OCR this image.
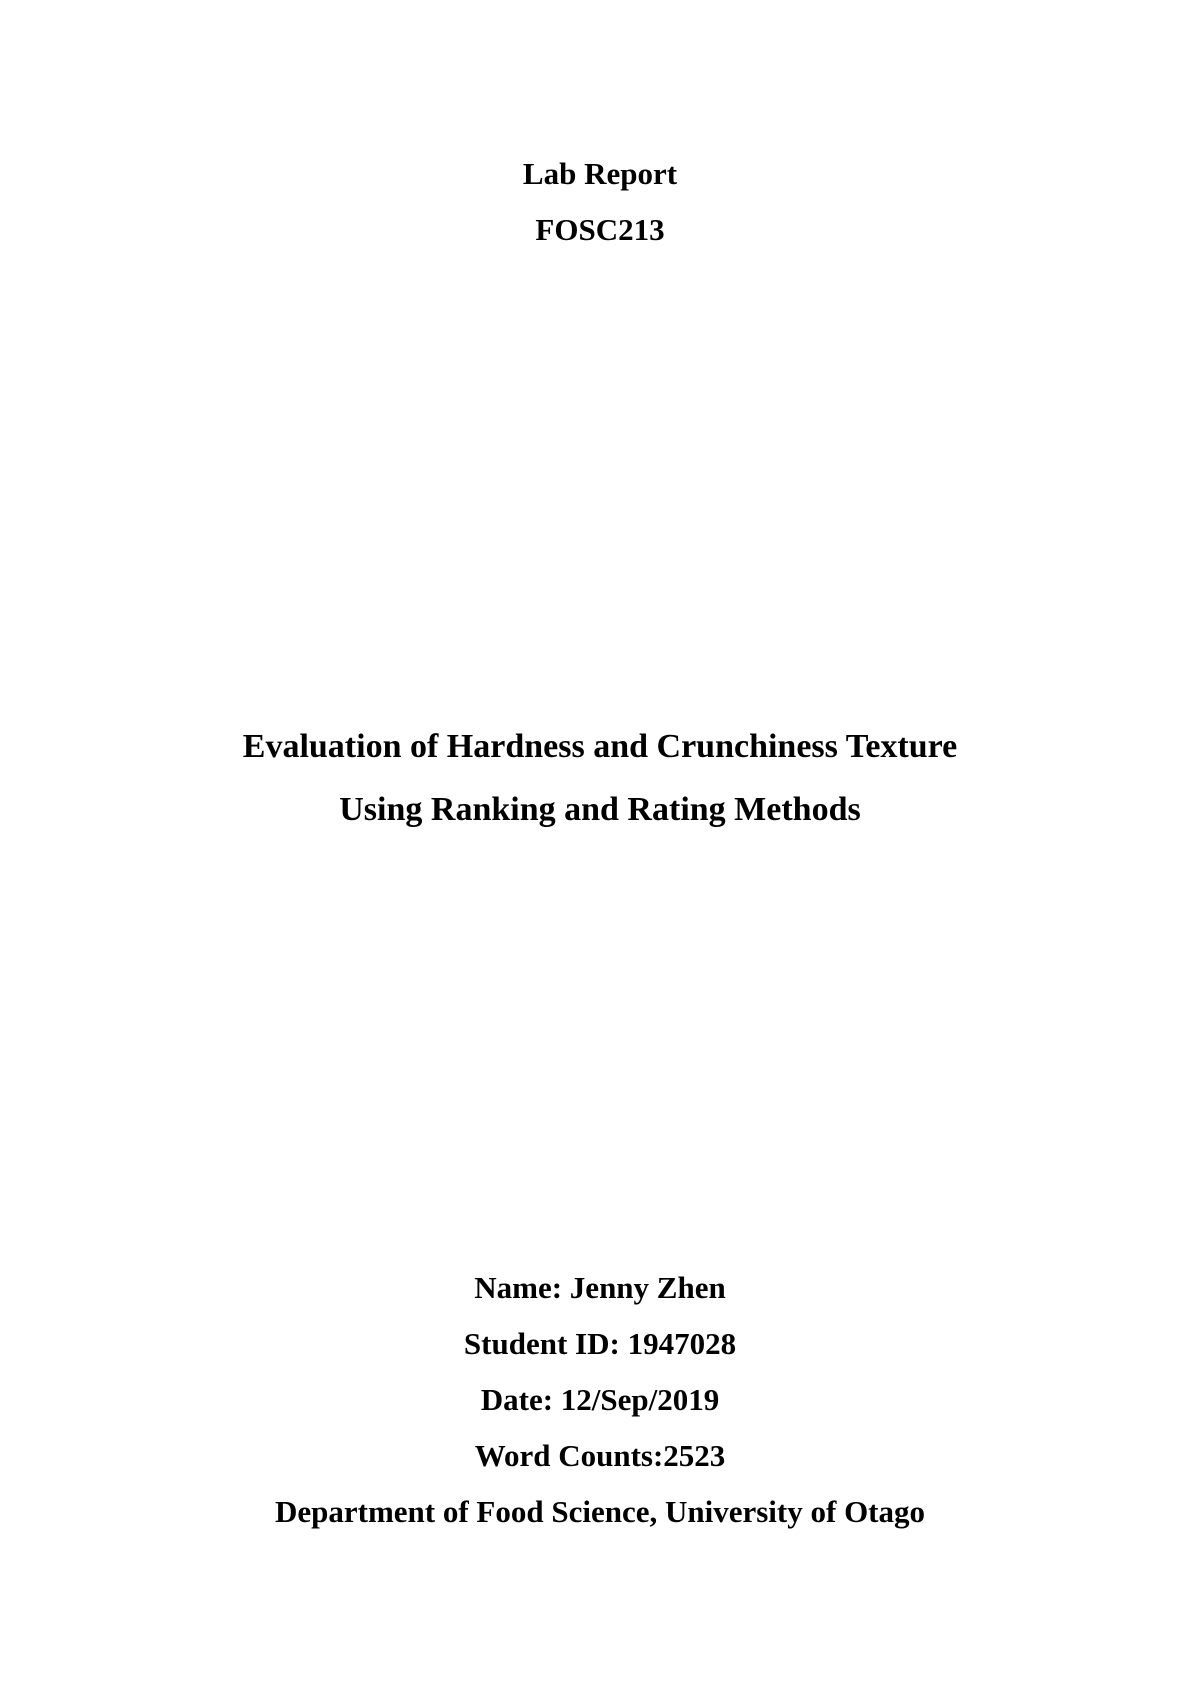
Lab Report
FOSC213
Evaluation of Hardness and Crunchiness Texture
Using Ranking and Rating Methods
Name: Jenny Zhen
Student ID: 1947028
Date: 12/Sep/2019
Word Counts:2523
Department of Food Science, University of Otago
